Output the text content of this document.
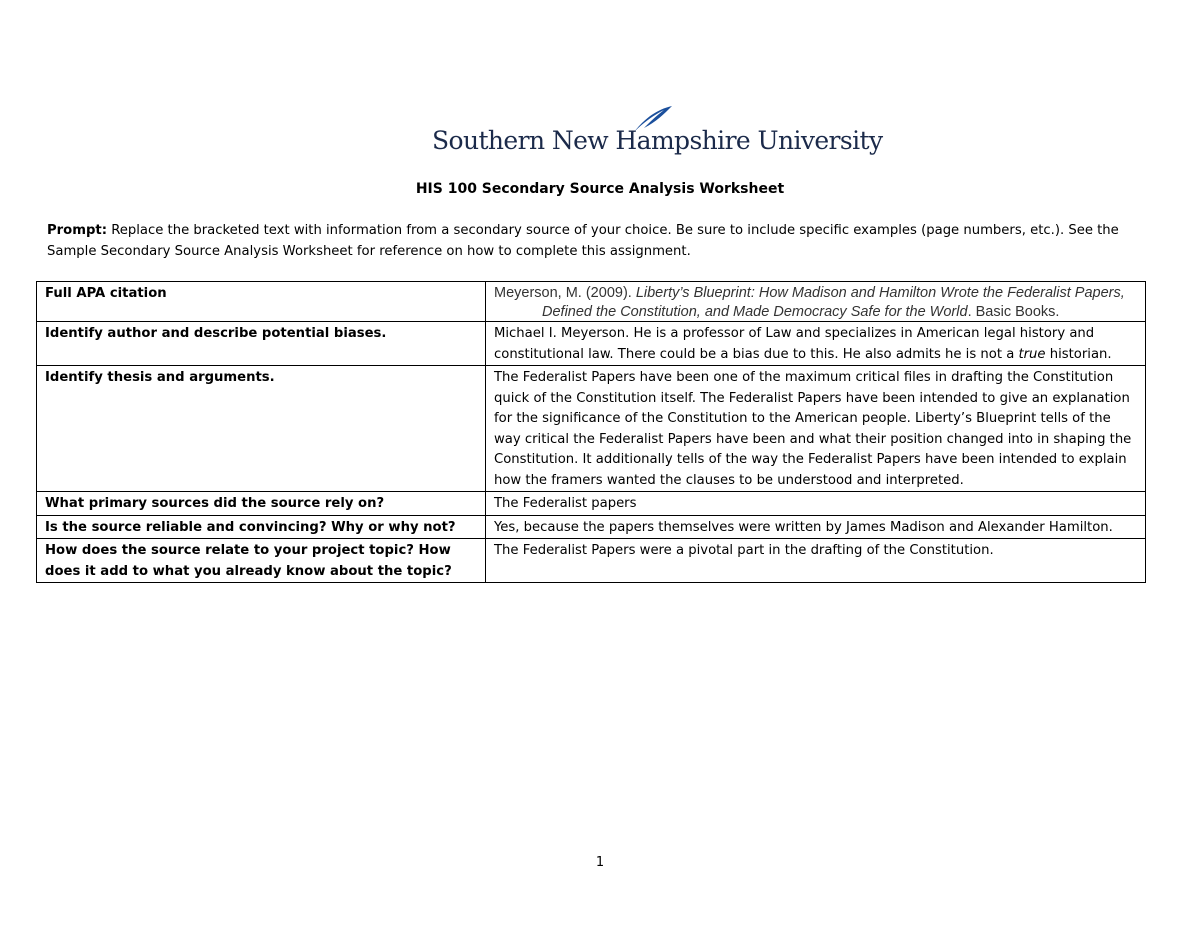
Southern New Hampshire University
HIS 100 Secondary Source Analysis Worksheet
Prompt: Replace the bracketed text with information from a secondary source of your choice. Be sure to include specific examples (page numbers, etc.). See the Sample Secondary Source Analysis Worksheet for reference on how to complete this assignment.
Full APA citation	Meyerson, M. (2009). Liberty’s Blueprint: How Madison and Hamilton Wrote the Federalist Papers, Defined the Constitution, and Made Democracy Safe for the World. Basic Books.

Identify author and describe potential biases.	Michael I. Meyerson. He is a professor of Law and specializes in American legal history and constitutional law. There could be a bias due to this. He also admits he is not a true historian.
Identify thesis and arguments.	The Federalist Papers have been one of the maximum critical files in drafting the Constitution quick of the Constitution itself. The Federalist Papers have been intended to give an explanation for the significance of the Constitution to the American people. Liberty’s Blueprint tells of the way critical the Federalist Papers have been and what their position changed into in shaping the Constitution. It additionally tells of the way the Federalist Papers have been intended to explain how the framers wanted the clauses to be understood and interpreted.
What primary sources did the source rely on?	The Federalist papers
Is the source reliable and convincing? Why or why not?	Yes, because the papers themselves were written by James Madison and Alexander Hamilton.
How does the source relate to your project topic? How does it add to what you already know about the topic?	The Federalist Papers were a pivotal part in the drafting of the Constitution.
1
